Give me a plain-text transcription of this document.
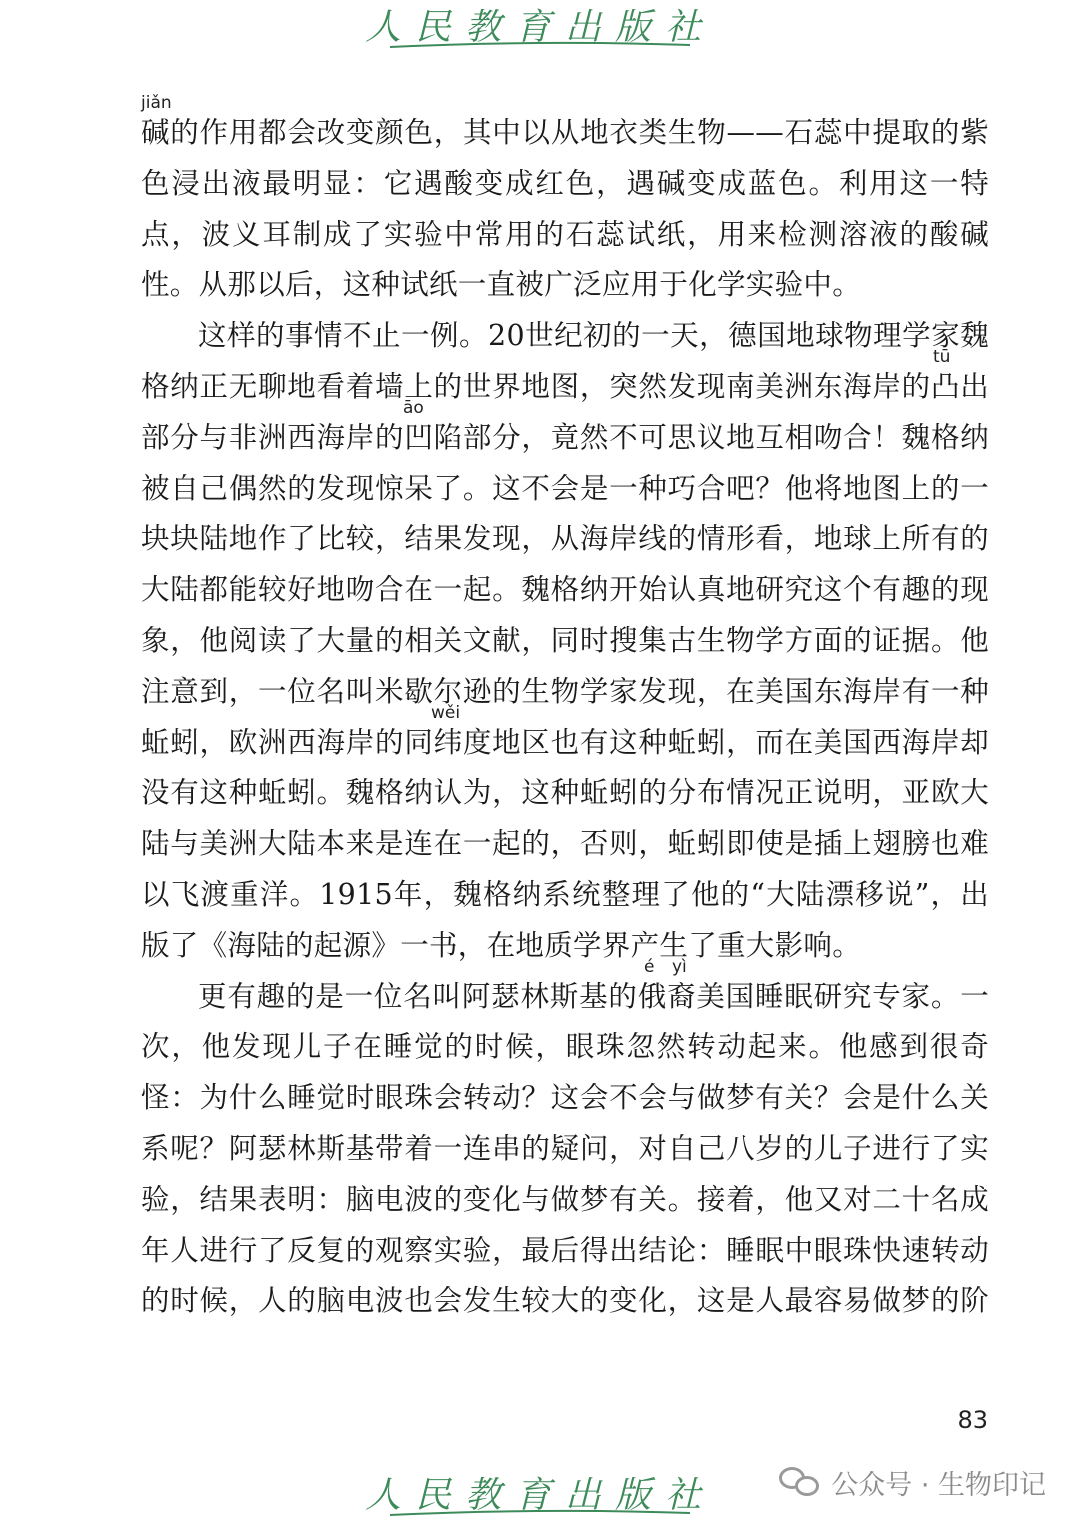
人民教育出版社
jiǎn
碱的作用都会改变颜色，其中以从地衣类生物——石蕊中提取的紫
色浸出液最明显：它遇酸变成红色，遇碱变成蓝色。利用这一特
点，波义耳制成了实验中常用的石蕊试纸，用来检测溶液的酸碱
性。从那以后，这种试纸一直被广泛应用于化学实验中。
这样的事情不止一例。20世纪初的一天，德国地球物理学家魏
tū
格纳正无聊地看着墙上的世界地图，突然发现南美洲东海岸的凸出
āo
部分与非洲西海岸的凹陷部分，竟然不可思议地互相吻合！魏格纳
被自己偶然的发现惊呆了。这不会是一种巧合吧？他将地图上的一
块块陆地作了比较，结果发现，从海岸线的情形看，地球上所有的
大陆都能较好地吻合在一起。魏格纳开始认真地研究这个有趣的现
象，他阅读了大量的相关文献，同时搜集古生物学方面的证据。他
注意到，一位名叫米歇尔逊的生物学家发现，在美国东海岸有一种
wěi
蚯蚓，欧洲西海岸的同纬度地区也有这种蚯蚓，而在美国西海岸却
没有这种蚯蚓。魏格纳认为，这种蚯蚓的分布情况正说明，亚欧大
陆与美洲大陆本来是连在一起的，否则，蚯蚓即使是插上翅膀也难
以飞渡重洋。1915年，魏格纳系统整理了他的“大陆漂移说”，出
版了《海陆的起源》一书，在地质学界产生了重大影响。
é yì
更有趣的是一位名叫阿瑟林斯基的俄裔美国睡眠研究专家。一
次，他发现儿子在睡觉的时候，眼珠忽然转动起来。他感到很奇
怪：为什么睡觉时眼珠会转动？这会不会与做梦有关？会是什么关
系呢？阿瑟林斯基带着一连串的疑问，对自己八岁的儿子进行了实
验，结果表明：脑电波的变化与做梦有关。接着，他又对二十名成
年人进行了反复的观察实验，最后得出结论：睡眠中眼珠快速转动
的时候，人的脑电波也会发生较大的变化，这是人最容易做梦的阶
83
人民教育出版社	公众号 · 生物印记
